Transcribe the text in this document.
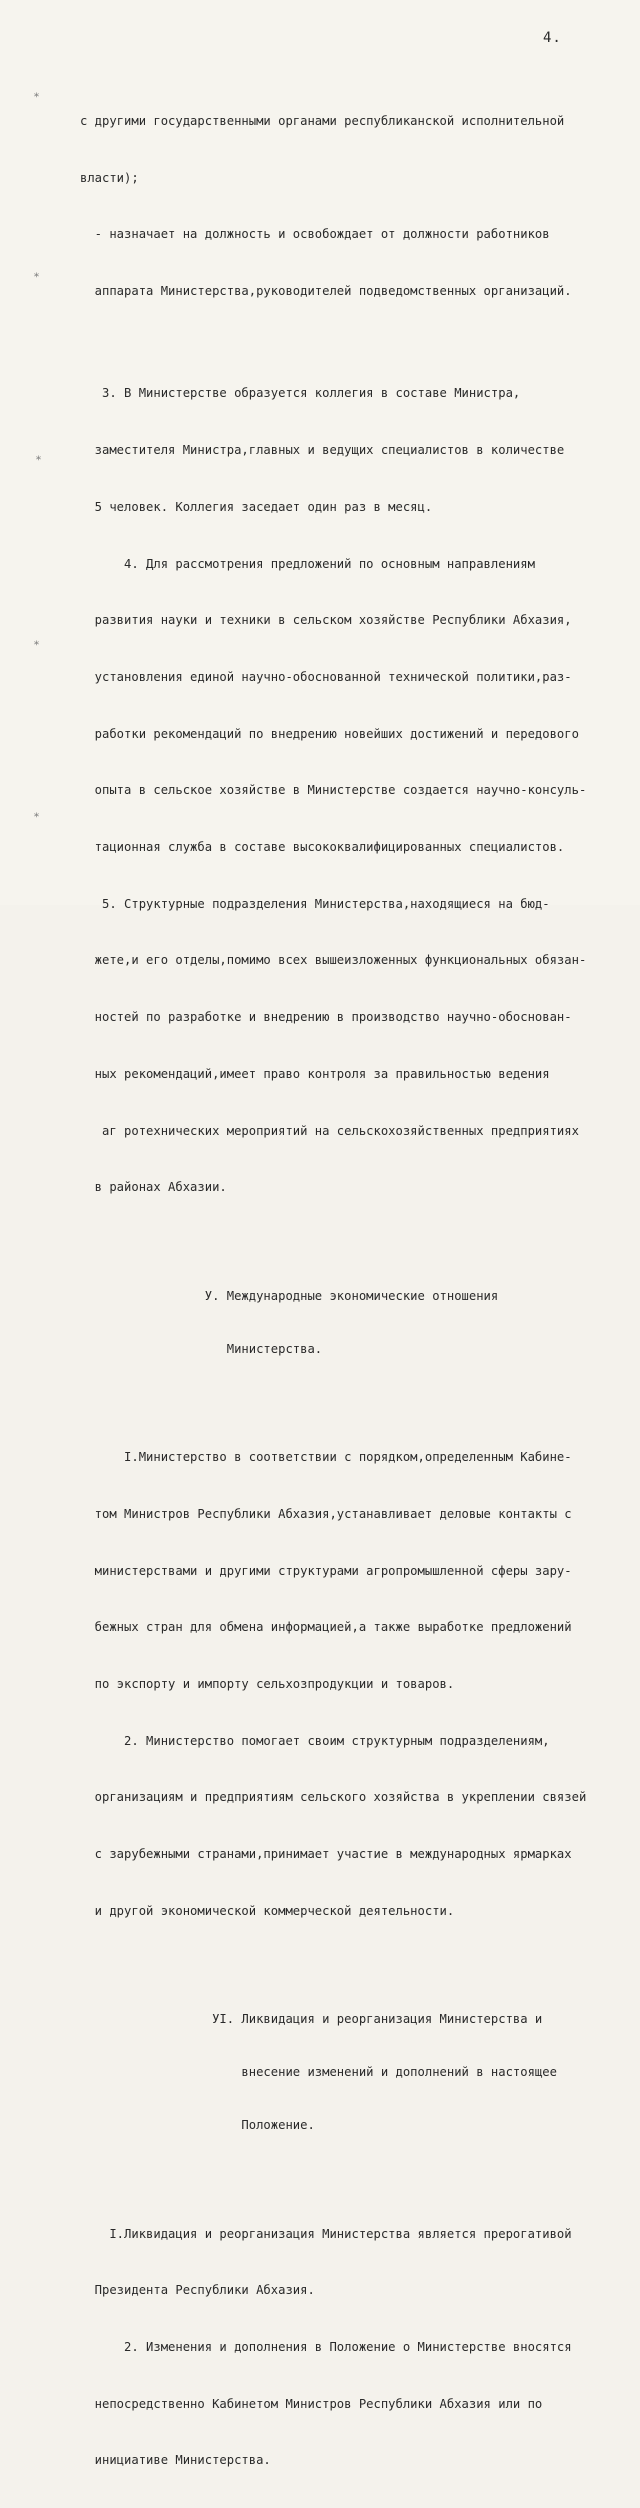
4.
*
*
*
*
*

с другими государственными органами республиканской исполнительной

власти);

- назначает на должность и освобождает от должности работников

аппарата Министерства,руководителей подведомственных организаций.

3. В Министерстве образуется коллегия в составе Министра,

заместителя Министра,главных и ведущих специалистов в количестве

5 человек. Коллегия заседает один раз в месяц.

4. Для рассмотрения предложений по основным направлениям

развития науки и техники в сельском хозяйстве Республики Абхазия,

установления единой научно-обоснованной технической политики,раз-

работки рекомендаций по внедрению новейших достижений и передового

опыта в сельское хозяйстве в Министерстве создается научно-консуль-

тационная служба в составе высококвалифицированных специалистов.

5. Структурные подразделения Министерства,находящиеся на бюд-

жете,и его отделы,помимо всех вышеизложенных функциональных обязан-

ностей по разработке и внедрению в производство научно-обоснован-

ных рекомендаций,имеет право контроля за правильностью ведения

аг ротехнических мероприятий на сельскохозяйственных предприятиях

в районах Абхазии.

У. Международные экономические отношения

Министерства.

I.Министерство в соответствии с порядком,определенным Кабине-

том Министров Республики Абхазия,устанавливает деловые контакты с

министерствами и другими структурами агропромышленной сферы зару-

бежных стран для обмена информацией,а также выработке предложений

по экспорту и импорту сельхозпродукции и товаров.

2. Министерство помогает своим структурным подразделениям,

организациям и предприятиям сельского хозяйства в укреплении связей

с зарубежными странами,принимает участие в международных ярмарках

и другой экономической коммерческой деятельности.

УI. Ликвидация и реорганизация Министерства и

внесение изменений и дополнений в настоящее

Положение.

I.Ликвидация и реорганизация Министерства является прерогативой

Президента Республики Абхазия.

2. Изменения и дополнения в Положение о Министерстве вносятся

непосредственно Кабинетом Министров Республики Абхазия или по

инициативе Министерства.
